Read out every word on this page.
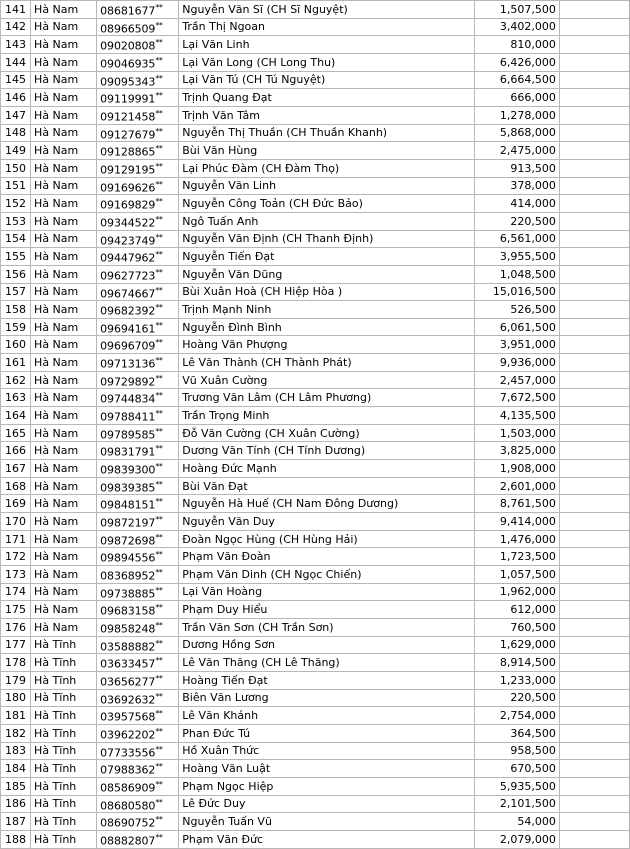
141	Hà Nam	08681677**	Nguyễn Văn Sĩ (CH Sĩ Nguyệt)	1,507,500	
142	Hà Nam	08966509**	Trần Thị Ngoan	3,402,000	
143	Hà Nam	09020808**	Lại Văn Linh	810,000	
144	Hà Nam	09046935**	Lại Văn Long (CH Long Thu)	6,426,000	
145	Hà Nam	09095343**	Lại Văn Tú (CH Tú Nguyệt)	6,664,500	
146	Hà Nam	09119991**	Trịnh Quang Đạt	666,000	
147	Hà Nam	09121458**	Trịnh Văn Tâm	1,278,000	
148	Hà Nam	09127679**	Nguyễn Thị Thuần (CH Thuần Khanh)	5,868,000	
149	Hà Nam	09128865**	Bùi Văn Hùng	2,475,000	
150	Hà Nam	09129195**	Lại Phúc Đàm (CH Đàm Thọ)	913,500	
151	Hà Nam	09169626**	Nguyễn Văn Linh	378,000	
152	Hà Nam	09169829**	Nguyễn Công Toản (CH Đức Bảo)	414,000	
153	Hà Nam	09344522**	Ngô Tuấn Anh	220,500	
154	Hà Nam	09423749**	Nguyễn Văn Định (CH Thanh Định)	6,561,000	
155	Hà Nam	09447962**	Nguyễn Tiến Đạt	3,955,500	
156	Hà Nam	09627723**	Nguyễn Văn Dũng	1,048,500	
157	Hà Nam	09674667**	Bùi Xuân Hoà (CH Hiệp Hòa )	15,016,500	
158	Hà Nam	09682392**	Trịnh Mạnh Ninh	526,500	
159	Hà Nam	09694161**	Nguyễn Đình Bình	6,061,500	
160	Hà Nam	09696709**	Hoàng Văn Phượng	3,951,000	
161	Hà Nam	09713136**	Lê Văn Thành (CH Thành Phát)	9,936,000	
162	Hà Nam	09729892**	Vũ Xuân Cường	2,457,000	
163	Hà Nam	09744834**	Trương Văn Lâm (CH Lâm Phương)	7,672,500	
164	Hà Nam	09788411**	Trần Trọng Minh	4,135,500	
165	Hà Nam	09789585**	Đỗ Văn Cường (CH Xuân Cường)	1,503,000	
166	Hà Nam	09831791**	Dương Văn Tính (CH Tính Dương)	3,825,000	
167	Hà Nam	09839300**	Hoàng Đức Mạnh	1,908,000	
168	Hà Nam	09839385**	Bùi Văn Đạt	2,601,000	
169	Hà Nam	09848151**	Nguyễn Hà Huế (CH Nam Đông Dương)	8,761,500	
170	Hà Nam	09872197**	Nguyễn Văn Duy	9,414,000	
171	Hà Nam	09872698**	Đoàn Ngọc Hùng (CH Hùng Hải)	1,476,000	
172	Hà Nam	09894556**	Phạm Văn Đoàn	1,723,500	
173	Hà Nam	08368952**	Phạm Văn Dinh (CH Ngọc Chiến)	1,057,500	
174	Hà Nam	09738885**	Lại Văn Hoàng	1,962,000	
175	Hà Nam	09683158**	Phạm Duy Hiểu	612,000	
176	Hà Nam	09858248**	Trần Văn Sơn (CH Trần Sơn)	760,500	
177	Hà Tĩnh	03588882**	Dương Hồng Sơn	1,629,000	
178	Hà Tĩnh	03633457**	Lê Văn Thăng (CH Lê Thăng)	8,914,500	
179	Hà Tĩnh	03656277**	Hoàng Tiến Đạt	1,233,000	
180	Hà Tĩnh	03692632**	Biên Văn Lương	220,500	
181	Hà Tĩnh	03957568**	Lê Văn Khánh	2,754,000	
182	Hà Tĩnh	03962202**	Phan Đức Tú	364,500	
183	Hà Tĩnh	07733556**	Hồ Xuân Thức	958,500	
184	Hà Tĩnh	07988362**	Hoàng Văn Luật	670,500	
185	Hà Tĩnh	08586909**	Phạm Ngọc Hiệp	5,935,500	
186	Hà Tĩnh	08680580**	Lê Đức Duy	2,101,500	
187	Hà Tĩnh	08690752**	Nguyễn Tuấn Vũ	54,000	
188	Hà Tĩnh	08882807**	Phạm Văn Đức	2,079,000	
